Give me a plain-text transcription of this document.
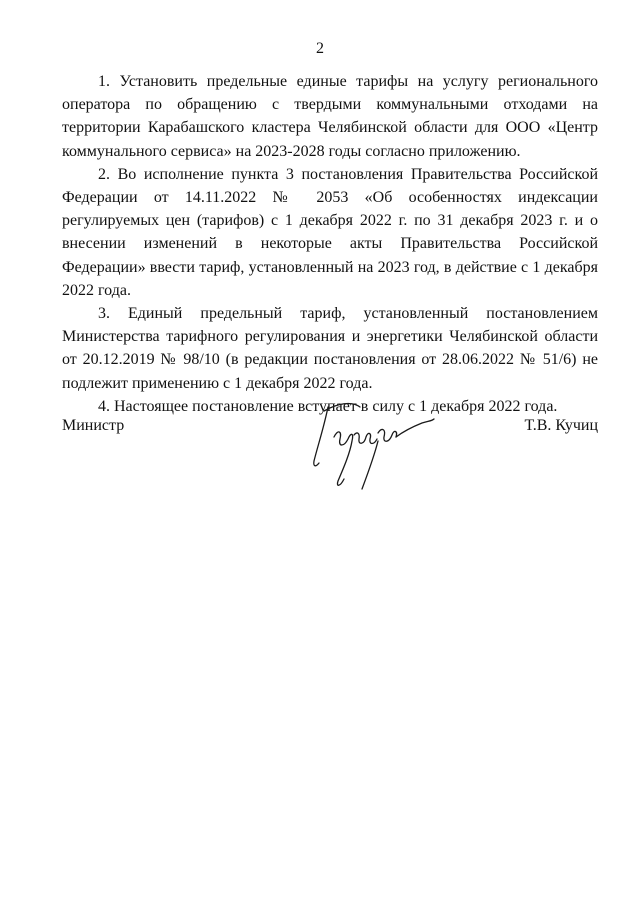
2

1. Установить предельные единые тарифы на услугу регионального оператора по обращению с твердыми коммунальными отходами на территории Карабашского кластера Челябинской области для ООО «Центр коммунального сервиса» на 2023-2028 годы согласно приложению.

2. Во исполнение пункта 3 постановления Правительства Российской Федерации от 14.11.2022 № 2053 «Об особенностях индексации регулируемых цен (тарифов) с 1 декабря 2022 г. по 31 декабря 2023 г. и о внесении изменений в некоторые акты Правительства Российской Федерации» ввести тариф, установленный на 2023 год, в действие с 1 декабря 2022 года.

3. Единый предельный тариф, установленный постановлением Министерства тарифного регулирования и энергетики Челябинской области от 20.12.2019 № 98/10 (в редакции постановления от 28.06.2022 № 51/6) не подлежит применению с 1 декабря 2022 года.

4. Настоящее постановление вступает в силу с 1 декабря 2022 года.

Министр	Т.В. Кучиц
